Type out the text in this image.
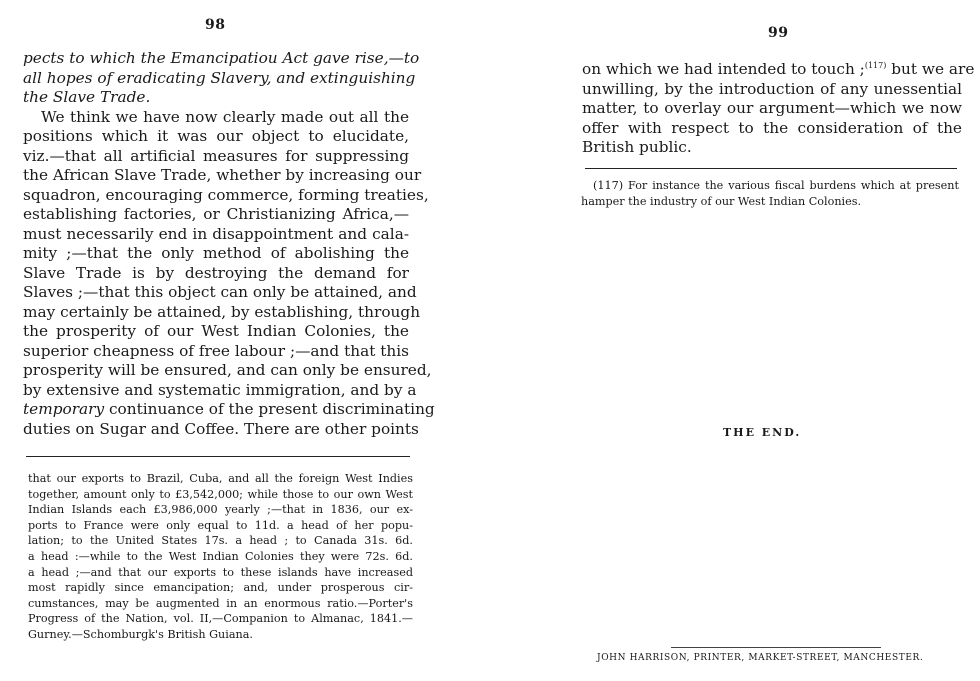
98
pects to which the Emancipatiou Act gave rise,—to
all hopes of eradicating Slavery, and extinguishing
the Slave Trade.
We think we have now clearly made out all the
positions which it was our object to elucidate,
viz.—that all artificial measures for suppressing
the African Slave Trade, whether by increasing our
squadron, encouraging commerce, forming treaties,
establishing factories, or Christianizing Africa,—
must necessarily end in disappointment and cala-
mity ;—that the only method of abolishing the
Slave Trade is by destroying the demand for
Slaves ;—that this object can only be attained, and
may certainly be attained, by establishing, through
the prosperity of our West Indian Colonies, the
superior cheapness of free labour ;—and that this
prosperity will be ensured, and can only be ensured,
by extensive and systematic immigration, and by a
temporary continuance of the present discriminating
duties on Sugar and Coffee. There are other points
that our exports to Brazil, Cuba, and all the foreign West Indies
together, amount only to £3,542,000; while those to our own West
Indian Islands each £3,986,000 yearly ;—that in 1836, our ex-
ports to France were only equal to 11d. a head of her popu-
lation; to the United States 17s. a head ; to Canada 31s. 6d.
a head :—while to the West Indian Colonies they were 72s. 6d.
a head ;—and that our exports to these islands have increased
most rapidly since emancipation; and, under prosperous cir-
cumstances, may be augmented in an enormous ratio.—Porter's
Progress of the Nation, vol. II,—Companion to Almanac, 1841.—
Gurney.—Schomburgk's British Guiana.
99
on which we had intended to touch ;$^{(117)}$ but we are
unwilling, by the introduction of any unessential
matter, to overlay our argument—which we now
offer with respect to the consideration of the
British public.
(117) For instance the various fiscal burdens which at present
hamper the industry of our West Indian Colonies.
THE END.
JOHN HARRISON, PRINTER, MARKET-STREET, MANCHESTER.
